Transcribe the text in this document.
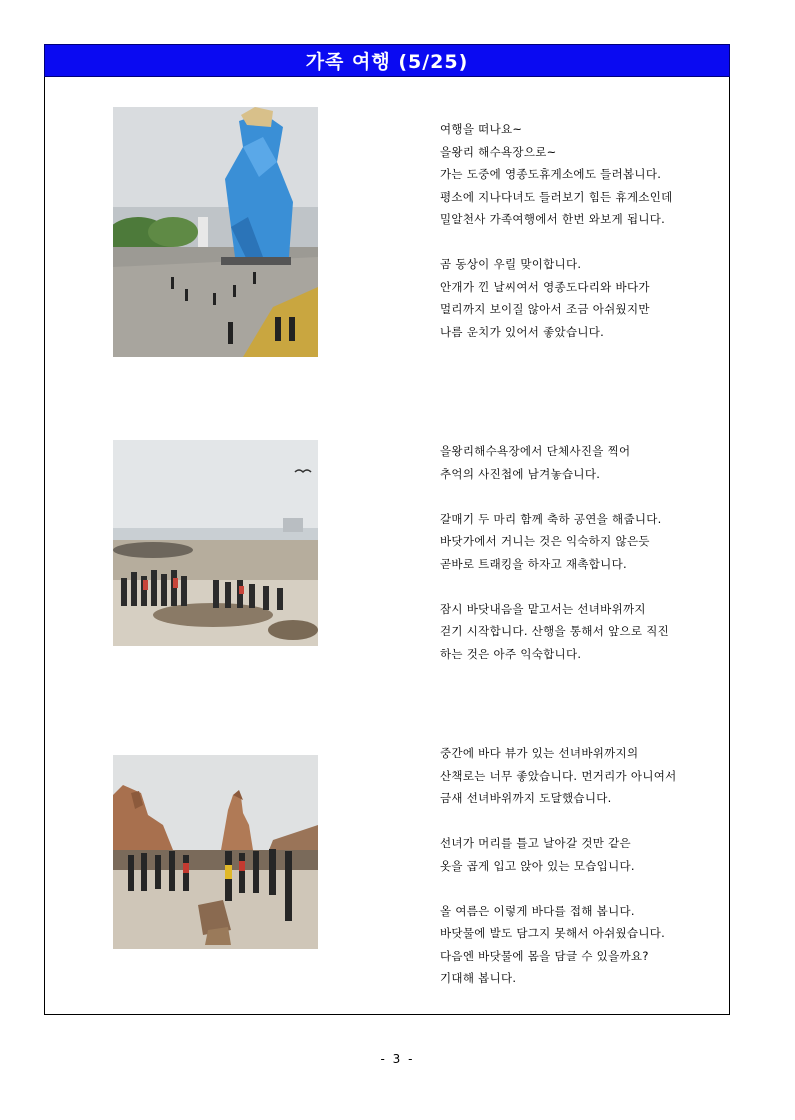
가족 여행 (5/25)
여행을 떠나요~
을왕리 해수욕장으로~
가는 도중에 영종도휴게소에도 들러봅니다.
평소에 지나다녀도 들러보기 힘든 휴게소인데
밀알천사 가족여행에서 한번 와보게 됩니다.
곰 동상이 우릴 맞이합니다.
안개가 낀 날씨여서 영종도다리와 바다가
멀리까지 보이질 않아서 조금 아쉬웠지만
나름 운치가 있어서 좋았습니다.
을왕리해수욕장에서 단체사진을 찍어
추억의 사진첩에 남겨놓습니다.
갈매기 두 마리 함께 축하 공연을 해줍니다.
바닷가에서 거니는 것은 익숙하지 않은듯
곧바로 트래킹을 하자고 재촉합니다.
잠시 바닷내음을 맡고서는 선녀바위까지
걷기 시작합니다. 산행을 통해서 앞으로 직진
하는 것은 아주 익숙합니다.
중간에 바다 뷰가 있는 선녀바위까지의
산책로는 너무 좋았습니다. 먼거리가 아니여서
금새 선녀바위까지 도달했습니다.
선녀가 머리를 틀고 날아갈 것만 같은
옷을 곱게 입고 앉아 있는 모습입니다.
올 여름은 이렇게 바다를 접해 봅니다.
바닷물에 발도 담그지 못해서 아쉬웠습니다.
다음엔 바닷물에 몸을 담글 수 있을까요?
기대해 봅니다.
- 3 -
